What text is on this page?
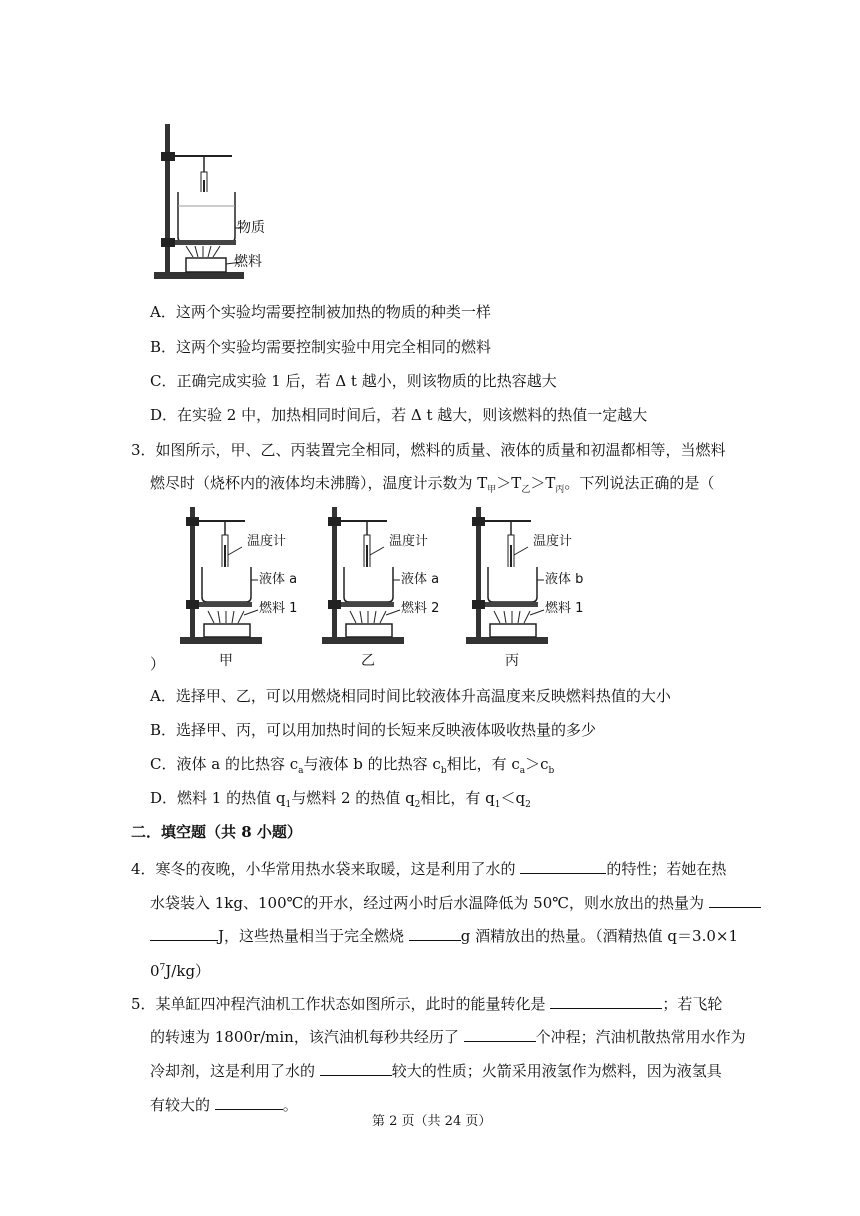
物质
燃料
A．这两个实验均需要控制被加热的物质的种类一样
B．这两个实验均需要控制实验中用完全相同的燃料
C．正确完成实验 1 后，若 Δ t 越小，则该物质的比热容越大
D．在实验 2 中，加热相同时间后，若 Δ t 越大，则该燃料的热值一定越大
3．如图所示，甲、乙、丙装置完全相同，燃料的质量、液体的质量和初温都相等，当燃料
燃尽时（烧杯内的液体均未沸腾），温度计示数为 $T_甲>T_乙>T_丙$。下列说法正确的是（
温度计
液体 a
燃料 1
甲
温度计
液体 a
燃料 2
乙
温度计
液体 b
燃料 1
丙
）
A．选择甲、乙，可以用燃烧相同时间比较液体升高温度来反映燃料热值的大小
B．选择甲、丙，可以用加热时间的长短来反映液体吸收热量的多少
C．液体 a 的比热容 $c_a$与液体 b 的比热容 $c_b$相比，有 $c_a>c_b$
D．燃料 1 的热值 $q_1$与燃料 2 的热值 $q_2$相比，有 $q_1<q_2$
二．填空题（共 8 小题）
4．寒冬的夜晚，小华常用热水袋来取暖，这是利用了水的	的特性；若她在热
水袋装入 1kg、100℃的开水，经过两小时后水温降低为 50℃，则水放出的热量为
J，这些热量相当于完全燃烧	g 酒精放出的热量。（酒精热值 q＝3.0×1
$0^7J/kg$）
5．某单缸四冲程汽油机工作状态如图所示，此时的能量转化是	；若飞轮
的转速为 1800r/min，该汽油机每秒共经历了	个冲程；汽油机散热常用水作为
冷却剂，这是利用了水的	较大的性质；火箭采用液氢作为燃料，因为液氢具
有较大的	。
第 2 页（共 24 页）
